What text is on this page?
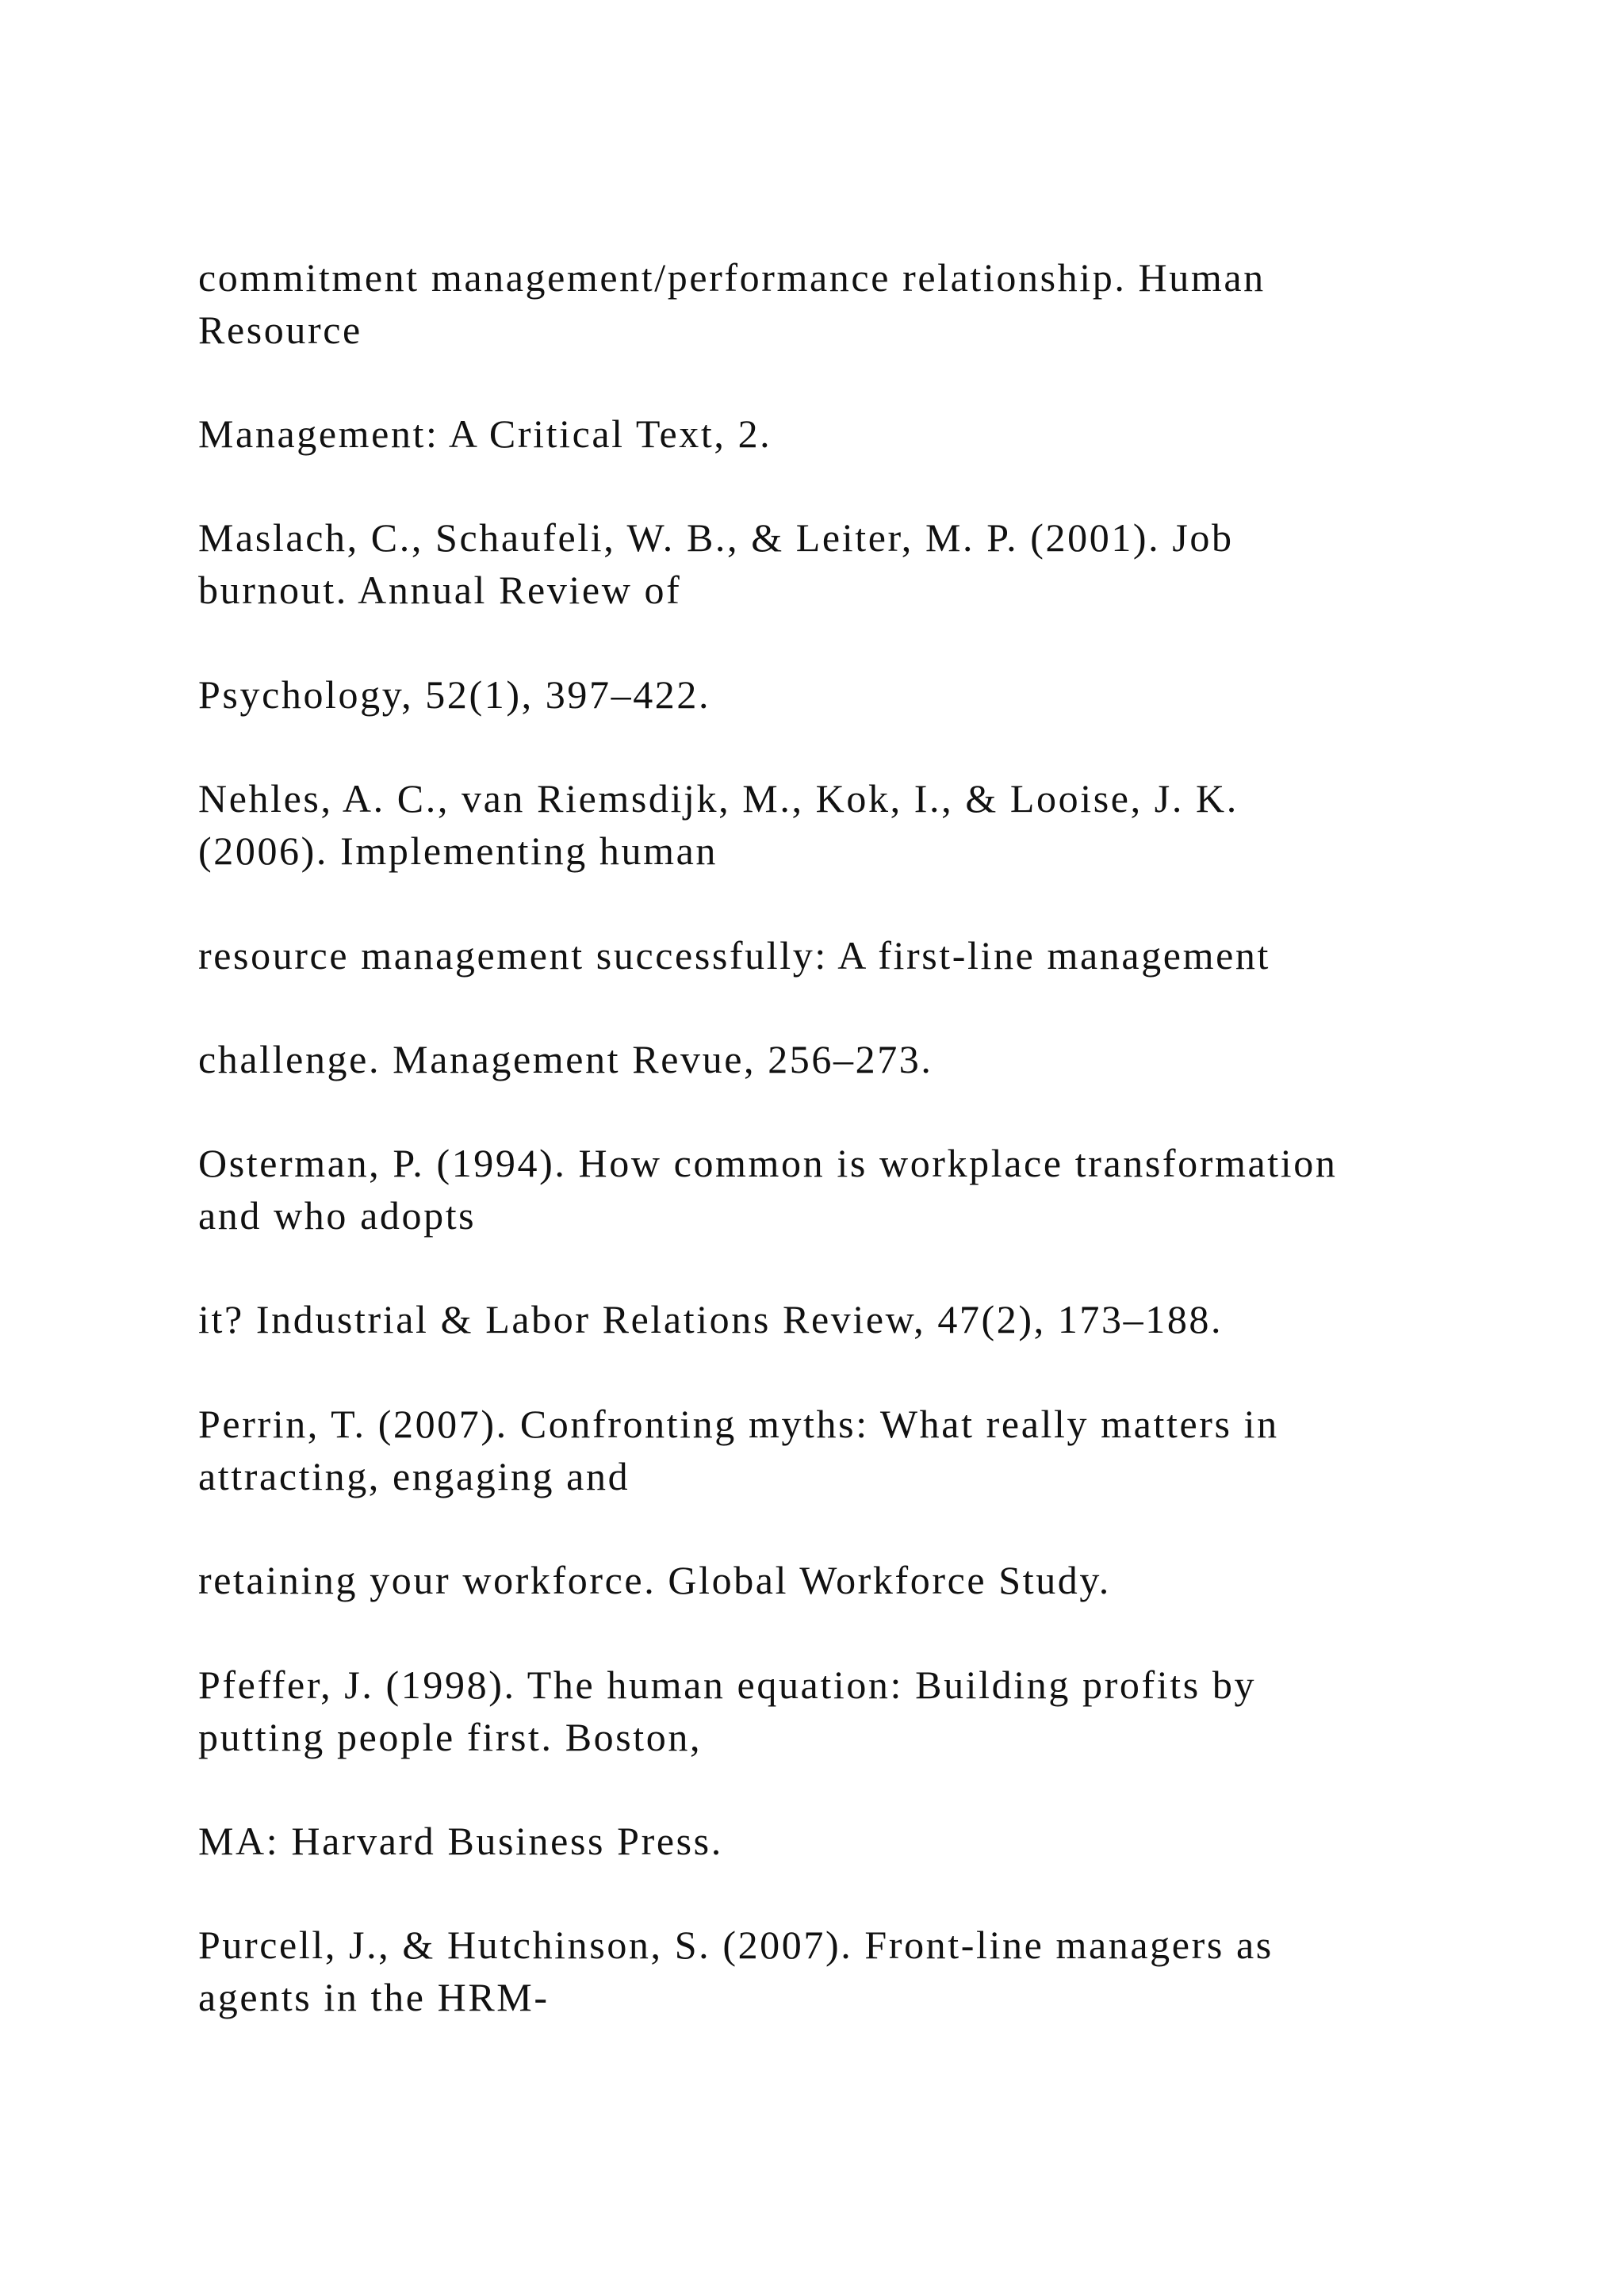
commitment management/performance relationship. Human

Resource

Management: A Critical Text, 2.

Maslach, C., Schaufeli, W. B., & Leiter, M. P. (2001). Job

burnout. Annual Review of

Psychology, 52(1), 397–422.

Nehles, A. C., van Riemsdijk, M., Kok, I., & Looise, J. K.

(2006). Implementing human

resource management successfully: A first-line management

challenge. Management Revue, 256–273.

Osterman, P. (1994). How common is workplace transformation

and who adopts

it? Industrial & Labor Relations Review, 47(2), 173–188.

Perrin, T. (2007). Confronting myths: What really matters in

attracting, engaging and

retaining your workforce. Global Workforce Study.

Pfeffer, J. (1998). The human equation: Building profits by

putting people first. Boston,

MA: Harvard Business Press.

Purcell, J., & Hutchinson, S. (2007). Front-line managers as

agents in the HRM-
